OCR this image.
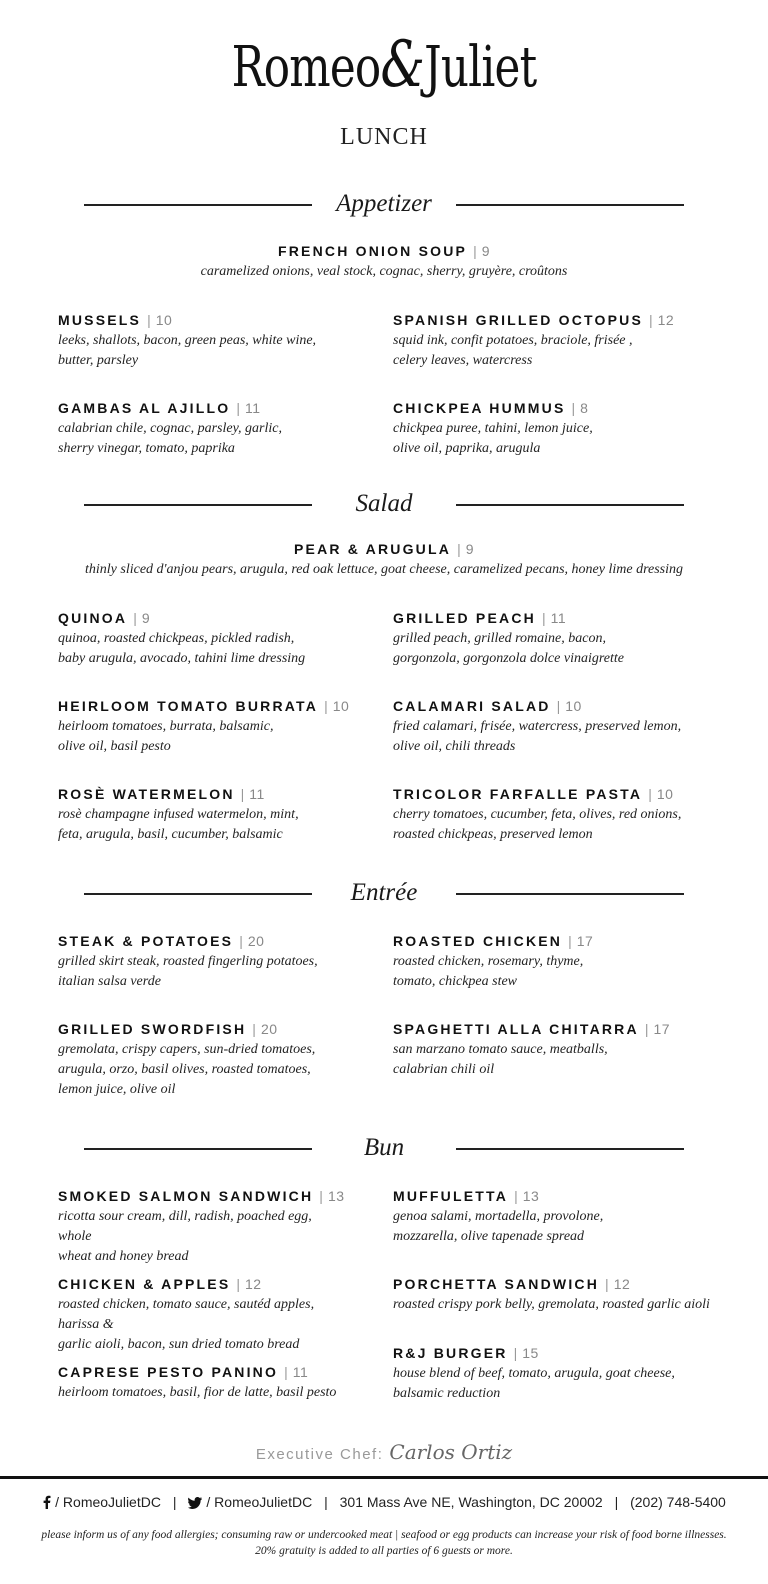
Romeo&Juliet
LUNCH
Appetizer
FRENCH ONION SOUP | 9
caramelized onions, veal stock, cognac, sherry, gruyère, croûtons
MUSSELS | 10
leeks, shallots, bacon, green peas, white wine,
butter, parsley
SPANISH GRILLED OCTOPUS | 12
squid ink, confit potatoes, braciole, frisée ,
celery leaves, watercress
GAMBAS AL AJILLO | 11
calabrian chile, cognac, parsley, garlic,
sherry vinegar, tomato, paprika
CHICKPEA HUMMUS | 8
chickpea puree, tahini, lemon juice,
olive oil, paprika, arugula
Salad
PEAR & ARUGULA | 9
thinly sliced d'anjou pears, arugula, red oak lettuce, goat cheese, caramelized pecans, honey lime dressing
QUINOA | 9
quinoa, roasted chickpeas, pickled radish,
baby arugula, avocado, tahini lime dressing
GRILLED PEACH | 11
grilled peach, grilled romaine, bacon,
gorgonzola, gorgonzola dolce vinaigrette
HEIRLOOM TOMATO BURRATA | 10
heirloom tomatoes, burrata, balsamic,
olive oil, basil pesto
CALAMARI SALAD | 10
fried calamari, frisée, watercress, preserved lemon,
olive oil, chili threads
ROSÈ WATERMELON | 11
rosè champagne infused watermelon, mint,
feta, arugula, basil, cucumber, balsamic
TRICOLOR FARFALLE PASTA | 10
cherry tomatoes, cucumber, feta, olives, red onions,
roasted chickpeas, preserved lemon
Entrée
STEAK & POTATOES | 20
grilled skirt steak, roasted fingerling potatoes,
italian salsa verde
ROASTED CHICKEN | 17
roasted chicken, rosemary, thyme,
tomato, chickpea stew
GRILLED SWORDFISH | 20
gremolata, crispy capers, sun-dried tomatoes,
arugula, orzo, basil olives, roasted tomatoes,
lemon juice, olive oil
SPAGHETTI ALLA CHITARRA | 17
san marzano tomato sauce, meatballs,
calabrian chili oil
Bun
SMOKED SALMON SANDWICH | 13
ricotta sour cream, dill, radish, poached egg, whole
wheat and honey bread
MUFFULETTA | 13
genoa salami, mortadella, provolone,
mozzarella, olive tapenade spread
CHICKEN & APPLES | 12
roasted chicken, tomato sauce, sautéd apples, harissa &
garlic aioli, bacon, sun dried tomato bread
PORCHETTA SANDWICH | 12
roasted crispy pork belly, gremolata, roasted garlic aioli
R&J BURGER | 15
house blend of beef, tomato, arugula, goat cheese,
balsamic reduction
CAPRESE PESTO PANINO | 11
heirloom tomatoes, basil, fior de latte, basil pesto
Executive Chef: Carlos Ortiz
/ RomeoJulietDC | / RomeoJulietDC | 301 Mass Ave NE, Washington, DC 20002 | (202) 748-5400
please inform us of any food allergies; consuming raw or undercooked meat | seafood or egg products can increase your risk of food borne illnesses.
20% gratuity is added to all parties of 6 guests or more.
